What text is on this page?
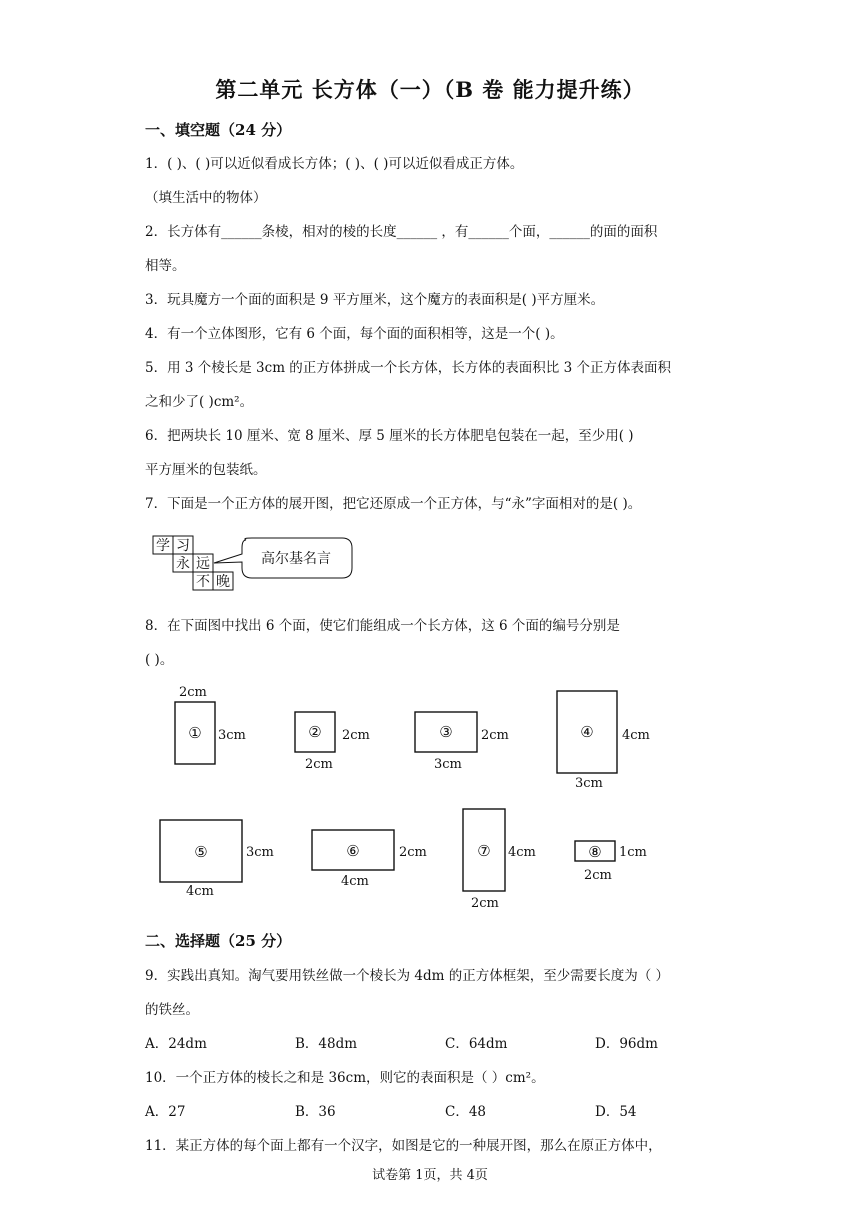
第二单元 长方体（一）（B 卷 能力提升练）
一、填空题（24 分）
1．( )、( )可以近似看成长方体；( )、( )可以近似看成正方体。
（填生活中的物体）
2．长方体有______条棱，相对的棱的长度______ ，有______个面，______的面的面积
相等。
3．玩具魔方一个面的面积是 9 平方厘米，这个魔方的表面积是( )平方厘米。
4．有一个立体图形，它有 6 个面，每个面的面积相等，这是一个( )。
5．用 3 个棱长是 3cm 的正方体拼成一个长方体，长方体的表面积比 3 个正方体表面积
之和少了( )cm²。
6．把两块长 10 厘米、宽 8 厘米、厚 5 厘米的长方体肥皂包装在一起，至少用( )
平方厘米的包装纸。
7．下面是一个正方体的展开图，把它还原成一个正方体，与“永”字面相对的是( )。
学 习
永 远
不 晚
高尔基名言
8．在下面图中找出 6 个面，使它们能组成一个长方体，这 6 个面的编号分别是
( )。
①	②	③	④
⑤	⑥	⑦	⑧
2cm
3cm	2cm
2cm
2cm
3cm
4cm
3cm
3cm
4cm
2cm
4cm
4cm
2cm
1cm
2cm
二、选择题（25 分）
9．实践出真知。淘气要用铁丝做一个棱长为 4dm 的正方体框架，至少需要长度为（ ）
的铁丝。
A．24dm	B．48dm	C．64dm	D．96dm
10．一个正方体的棱长之和是 36cm，则它的表面积是（ ）cm²。
A．27	B．36	C．48	D．54
11．某正方体的每个面上都有一个汉字，如图是它的一种展开图，那么在原正方体中，
试卷第 1页，共 4页
